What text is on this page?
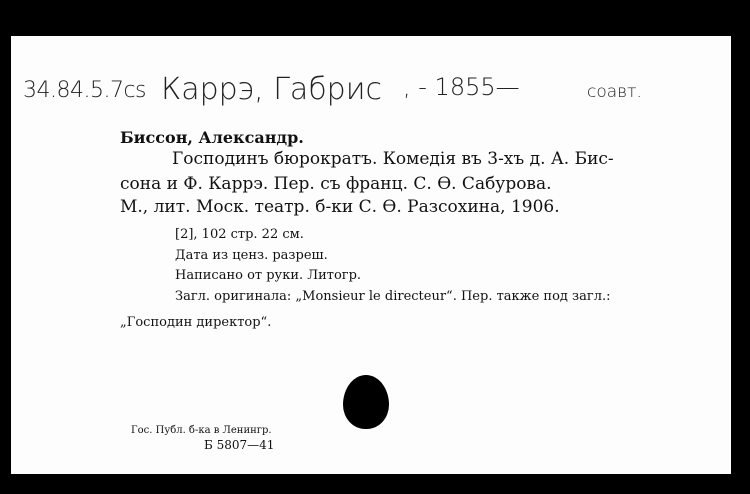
34.84.5.7cs Каррэ, Габрис , - 1855—	соавт.
Биссон, Александр.
Господинъ бюрократъ. Комедія въ 3-хъ д. А. Бис-
сона и Ф. Каррэ. Пер. съ франц. С. Ѳ. Сабурова.
М., лит. Моск. театр. б-ки С. Ѳ. Разсохина, 1906.
[2], 102 стр. 22 см.
Дата из ценз. разреш.
Написано от руки. Литогр.
Загл. оригинала: „Monsieur le directeur“. Пер. также под загл.:
„Господин директор“.
Гос. Публ. б-ка в Ленингр.
Б 5807—41
